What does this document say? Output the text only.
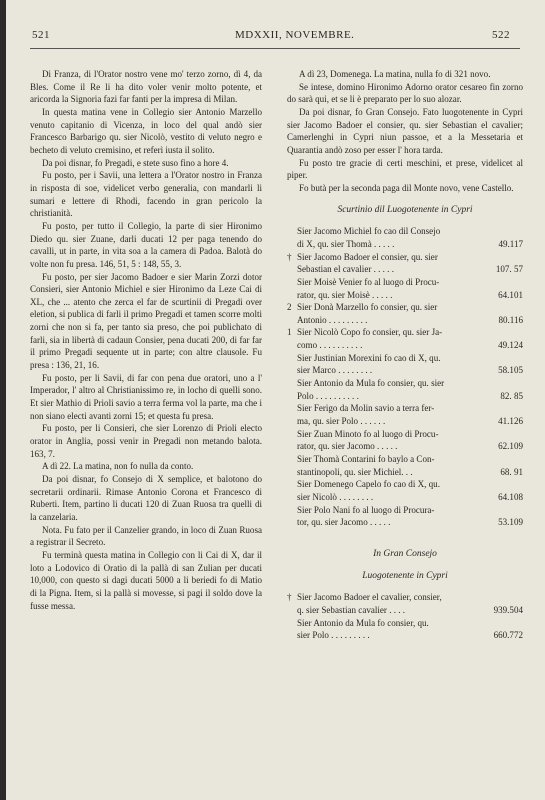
521	MDXXII, NOVEMBRE.	522

Di Franza, di l'Orator nostro vene mo' terzo zorno, dì 4, da Bles. Come il Re li ha dito voler venir molto potente, et aricorda la Signoria fazi far fanti per la impresa di Milan.

In questa matina vene in Collegio sier Antonio Marzello venuto capitanio di Vicenza, in loco del qual andò sier Francesco Barbarigo qu. sier Nicolò, vestito di veluto negro e becheto di veluto cremisino, et referì iusta il solito.

Da poi disnar, fo Pregadi, e stete suso fino a hore 4.

Fu posto, per i Savii, una lettera a l'Orator nostro in Franza in risposta di soe, videlicet verbo generalia, con mandarli li sumari e lettere di Rhodi, facendo in gran pericolo la christianità.

Fu posto, per tutto il Collegio, la parte di sier Hironimo Diedo qu. sier Zuane, darli ducati 12 per paga tenendo do cavalli, ut in parte, in vita soa a la camera di Padoa. Balotà do volte non fu presa. 146, 51, 5 : 148, 55, 3.

Fu posto, per sier Jacomo Badoer e sier Marin Zorzi dotor Consieri, sier Antonio Michiel e sier Hironimo da Leze Cai di XL, che ... atento che zerca el far de scurtinii di Pregadi over eletion, si publica di farli il primo Pregadi et tamen scorre molti zorni che non si fa, per tanto sia preso, che poi publichato di farli, sia in libertà di cadaun Consier, pena ducati 200, di far far il primo Pregadi sequente ut in parte; con altre clausole. Fu presa : 136, 21, 16.

Fu posto, per li Savii, di far con pena due oratori, uno a l' Imperador, l' altro al Christianissimo re, in locho di quelli sono. Et sier Mathio di Prioli savio a terra ferma vol la parte, ma che i non siano electi avanti zorni 15; et questa fu presa.

Fu posto, per li Consieri, che sier Lorenzo di Prioli electo orator in Anglia, possi venir in Pregadi non metando balota. 163, 7.

A dì 22. La matina, non fo nulla da conto.

Da poi disnar, fo Consejo di X semplice, et balotono do secretarii ordinarii. Rimase Antonio Corona et Francesco di Ruberti. Item, partino li ducati 120 di Zuan Ruosa tra quelli di la canzelaria.

Nota. Fu fato per il Canzelier grando, in loco di Zuan Ruosa a registrar il Secreto.

Fu terminà questa matina in Collegio con li Cai di X, dar il loto a Lodovico di Oratio di la pallà di san Zulian per ducati 10,000, con questo si dagi ducati 5000 a li beriedi fo di Matio di la Pigna. Item, si la pallà si movesse, si pagi il soldo dove la fusse messa.

A dì 23, Domenega. La matina, nulla fo di 321 novo.

Se intese, domino Hironimo Adorno orator cesareo fin zorno do sarà qui, et se li è preparato per lo suo alozar.

Da poi disnar, fo Gran Consejo. Fato luogotenente in Cypri sier Jacomo Badoer el consier, qu. sier Sebastian el cavalier; Camerlenghi in Cypri niun passoe, et a la Messetaria et Quarantia andò zoso per esser l' hora tarda.

Fu posto tre gracie di certi meschini, et prese, videlicet al piper.

Fo butà per la seconda paga dil Monte novo, vene Castello.

Scurtinio dil Luogotenente in Cypri
Sier Jacomo Michiel fo cao dil Consejo
di X, qu. sier Thomà . . . . .	49.117
† Sier Jacomo Badoer el consier, qu. sier
Sebastian el cavalier . . . . .	107. 57
Sier Moisè Venier fo al luogo di Procu-
rator, qu. sier Moisè . . . . .	64.101
2 Sier Donà Marzello fo consier, qu. sier
Antonio . . . . . . . . .	80.116
1 Sier Nicolò Copo fo consier, qu. sier Ja-
como . . . . . . . . . .	49.124
Sier Justinian Morexini fo cao di X, qu.
sier Marco . . . . . . . .	58.105
Sier Antonio da Mula fo consier, qu. sier
Polo . . . . . . . . . .	82. 85
Sier Ferigo da Molin savio a terra fer-
ma, qu. sier Polo . . . . . .	41.126
Sier Zuan Minoto fo al luogo di Procu-
rator, qu. sier Jacomo . . . . .	62.109
Sier Thomà Contarini fo baylo a Con-
stantinopoli, qu. sier Michiel. . .	68. 91
Sier Domenego Capelo fo cao di X, qu.
sier Nicolò . . . . . . . .	64.108
Sier Polo Nani fo al luogo di Procura-
tor, qu. sier Jacomo . . . . .	53.109
In Gran Consejo
Luogotenente in Cypri
† Sier Jacomo Badoer el cavalier, consier,
q. sier Sebastian cavalier . . . .	939.504
Sier Antonio da Mula fo consier, qu.
sier Polo . . . . . . . . .	660.772
